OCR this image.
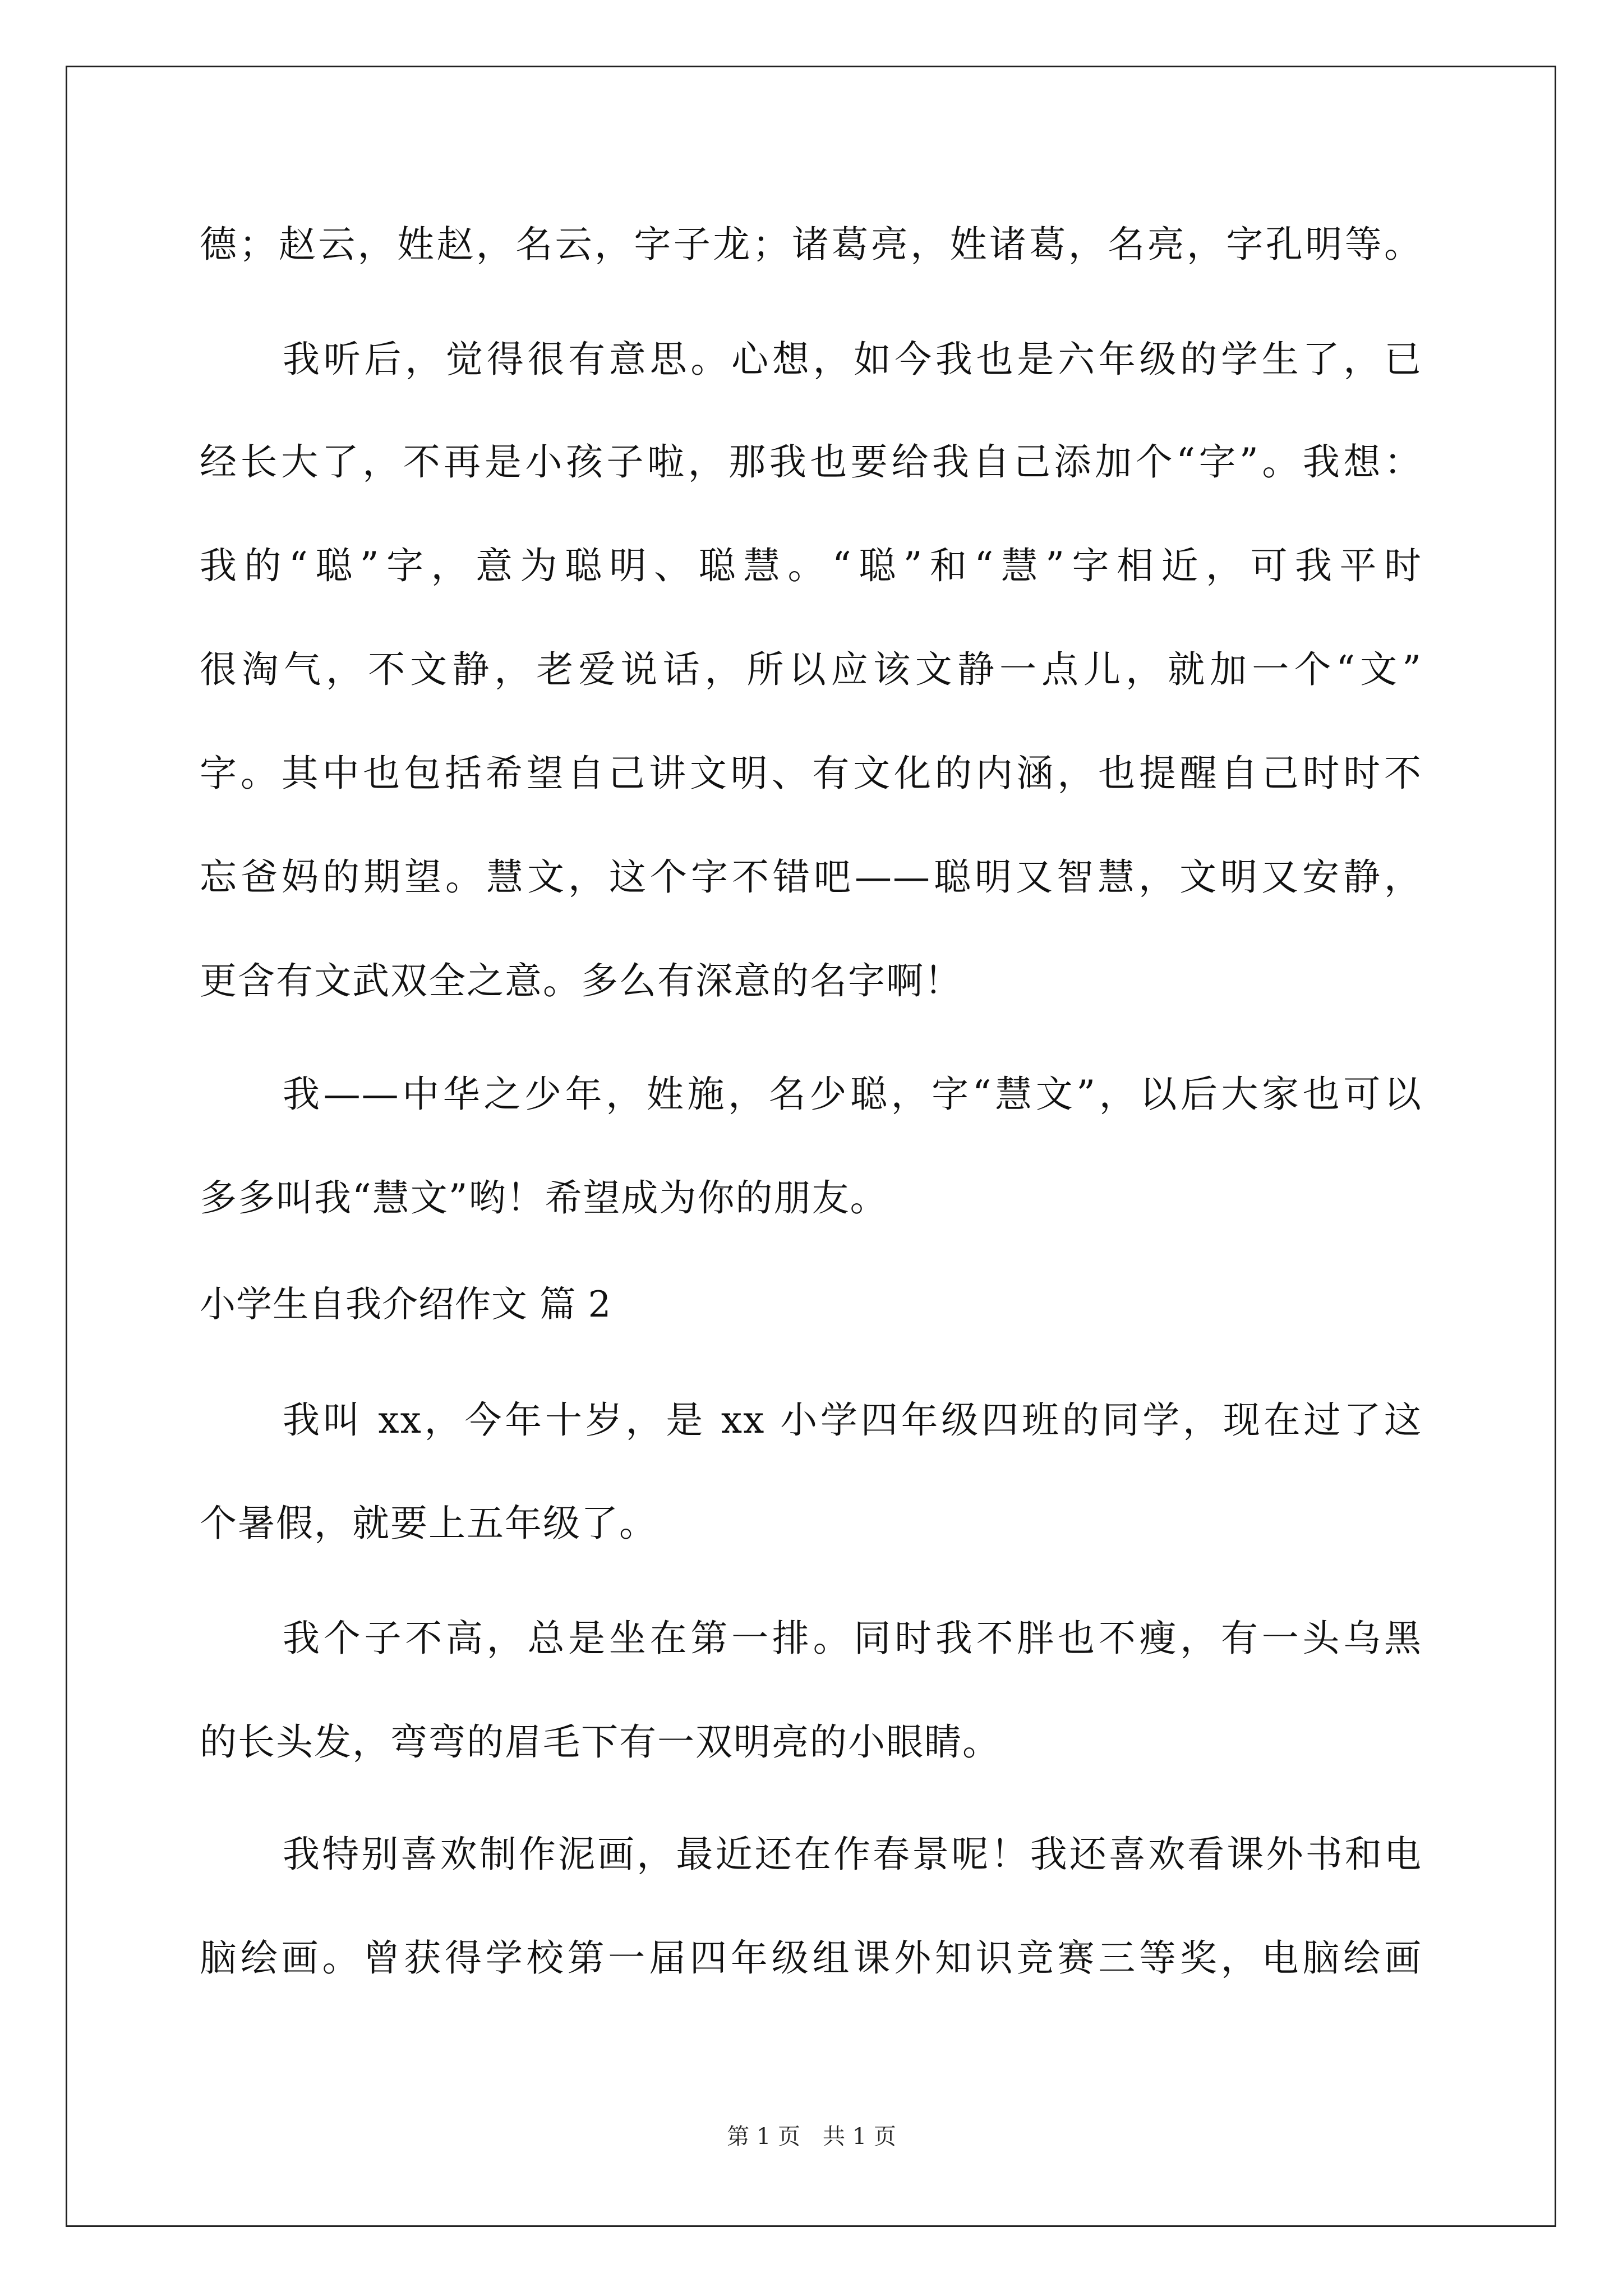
德；赵云，姓赵，名云，字子龙；诸葛亮，姓诸葛，名亮，字孔明等。
我听后，觉得很有意思。心想，如今我也是六年级的学生了，已
经长大了，不再是小孩子啦，那我也要给我自己添加个“字”。我想：
我的“聪”字，意为聪明、聪慧。“聪”和“慧”字相近，可我平时
很淘气，不文静，老爱说话，所以应该文静一点儿，就加一个“文”
字。其中也包括希望自己讲文明、有文化的内涵，也提醒自己时时不
忘爸妈的期望。慧文，这个字不错吧——聪明又智慧，文明又安静，
更含有文武双全之意。多么有深意的名字啊！
我——中华之少年，姓施，名少聪，字“慧文”，以后大家也可以
多多叫我“慧文”哟！希望成为你的朋友。
小学生自我介绍作文 篇 2
我叫 xx，今年十岁，是 xx 小学四年级四班的同学，现在过了这
个暑假，就要上五年级了。
我个子不高，总是坐在第一排。同时我不胖也不瘦，有一头乌黑
的长头发，弯弯的眉毛下有一双明亮的小眼睛。
我特别喜欢制作泥画，最近还在作春景呢！我还喜欢看课外书和电
脑绘画。曾获得学校第一届四年级组课外知识竞赛三等奖，电脑绘画
第 1 页　共 1 页
